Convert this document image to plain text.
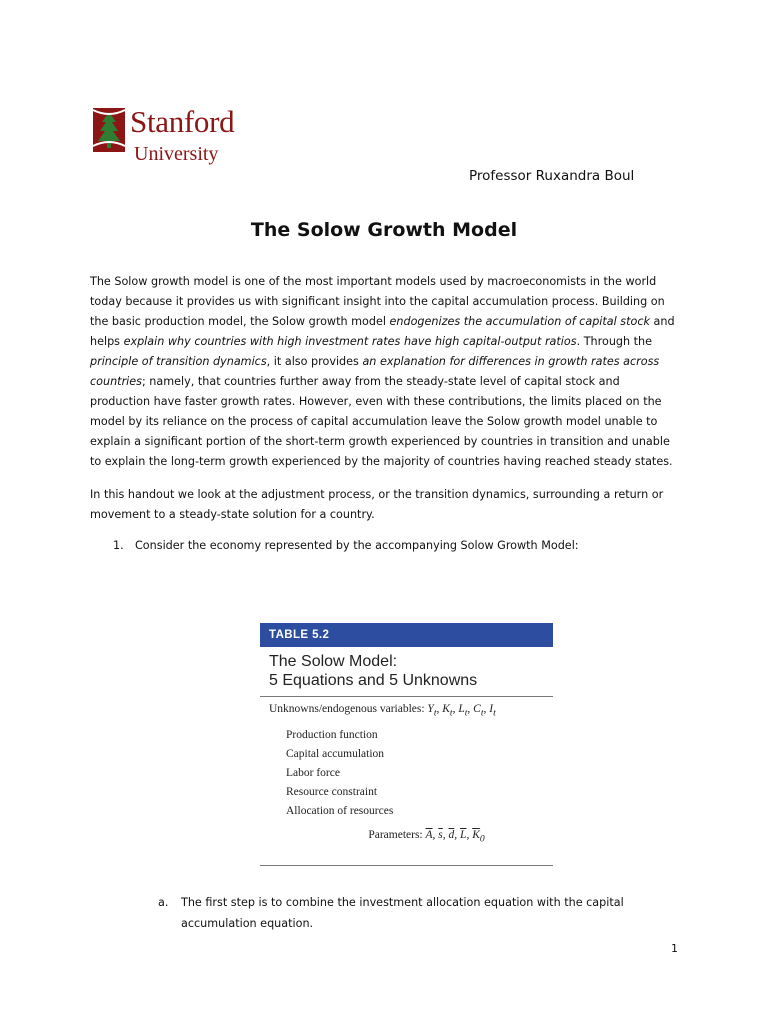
Stanford
University
Professor Ruxandra Boul
The Solow Growth Model
The Solow growth model is one of the most important models used by macroeconomists in the world today because it provides us with significant insight into the capital accumulation process. Building on the basic production model, the Solow growth model endogenizes the accumulation of capital stock and helps explain why countries with high investment rates have high capital-output ratios. Through the principle of transition dynamics, it also provides an explanation for differences in growth rates across countries; namely, that countries further away from the steady-state level of capital stock and production have faster growth rates. However, even with these contributions, the limits placed on the model by its reliance on the process of capital accumulation leave the Solow growth model unable to explain a significant portion of the short-term growth experienced by countries in transition and unable to explain the long-term growth experienced by the majority of countries having reached steady states.
In this handout we look at the adjustment process, or the transition dynamics, surrounding a return or movement to a steady-state solution for a country.
1. Consider the economy represented by the accompanying Solow Growth Model:
TABLE 5.2
The Solow Model:
5 Equations and 5 Unknowns
Unknowns/endogenous variables: $Y_t$, $K_t$, $L_t$, $C_t$, $I_t$
Production function
Capital accumulation
Labor force
Resource constraint
Allocation of resources
Parameters: $\overline{A}$, $\overline{s}$, $\overline{d}$, $\overline{L}$, $\overline{K}_0$
a. The first step is to combine the investment allocation equation with the capital accumulation equation.
1
